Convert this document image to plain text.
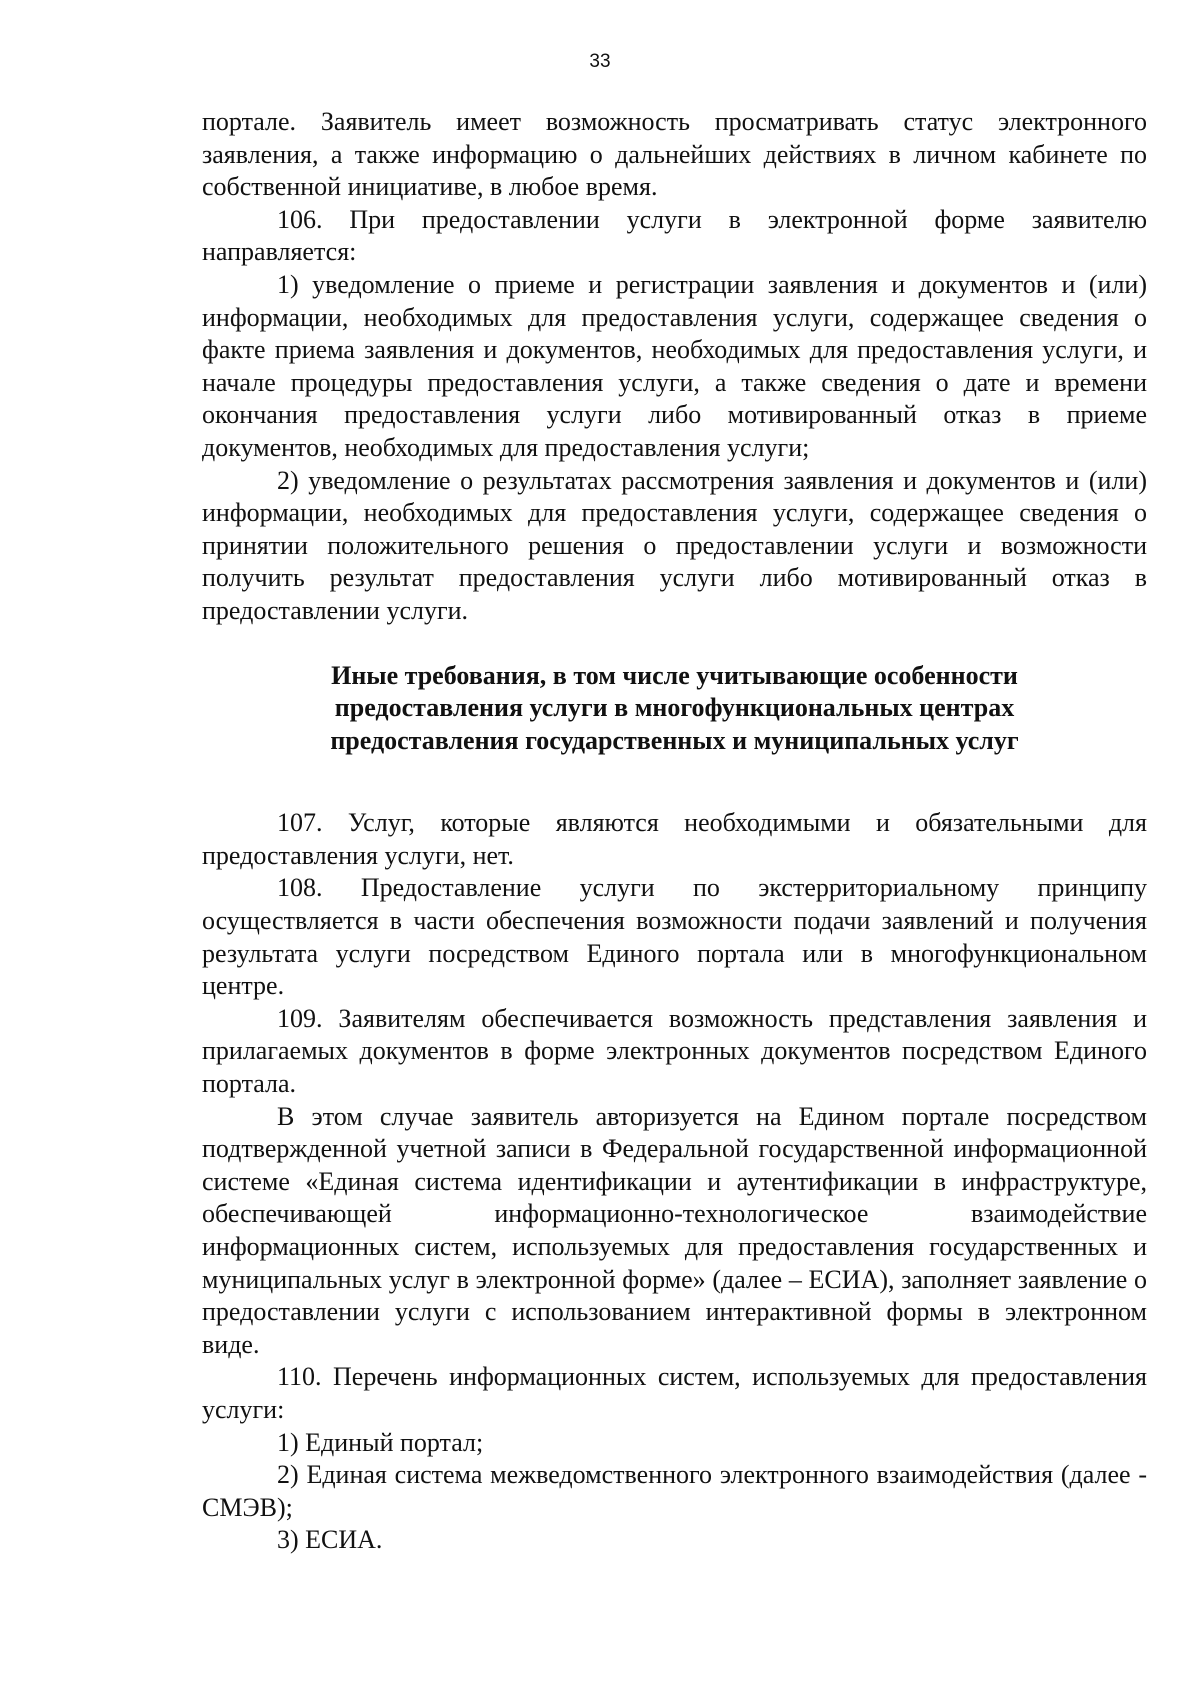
33

портале. Заявитель имеет возможность просматривать статус электронного заявления, а также информацию о дальнейших действиях в личном кабинете по собственной инициативе, в любое время.

106. При предоставлении услуги в электронной форме заявителю направляется:

1) уведомление о приеме и регистрации заявления и документов и (или) информации, необходимых для предоставления услуги, содержащее сведения о факте приема заявления и документов, необходимых для предоставления услуги, и начале процедуры предоставления услуги, а также сведения о дате и времени окончания предоставления услуги либо мотивированный отказ в приеме документов, необходимых для предоставления услуги;

2) уведомление о результатах рассмотрения заявления и документов и (или) информации, необходимых для предоставления услуги, содержащее сведения о принятии положительного решения о предоставлении услуги и возможности получить результат предоставления услуги либо мотивированный отказ в предоставлении услуги.

Иные требования, в том числе учитывающие особенности
предоставления услуги в многофункциональных центрах
предоставления государственных и муниципальных услуг

107. Услуг, которые являются необходимыми и обязательными для предоставления услуги, нет.

108. Предоставление услуги по экстерриториальному принципу осуществляется в части обеспечения возможности подачи заявлений и получения результата услуги посредством Единого портала или в многофункциональном центре.

109. Заявителям обеспечивается возможность представления заявления и прилагаемых документов в форме электронных документов посредством Единого портала.

В этом случае заявитель авторизуется на Едином портале посредством подтвержденной учетной записи в Федеральной государственной информационной системе «Единая система идентификации и аутентификации в инфраструктуре, обеспечивающей информационно-технологическое взаимодействие информационных систем, используемых для предоставления государственных и муниципальных услуг в электронной форме» (далее – ЕСИА), заполняет заявление о предоставлении услуги с использованием интерактивной формы в электронном виде.

110. Перечень информационных систем, используемых для предоставления услуги:

1) Единый портал;

2) Единая система межведомственного электронного взаимодействия (далее - СМЭВ);

3) ЕСИА.
